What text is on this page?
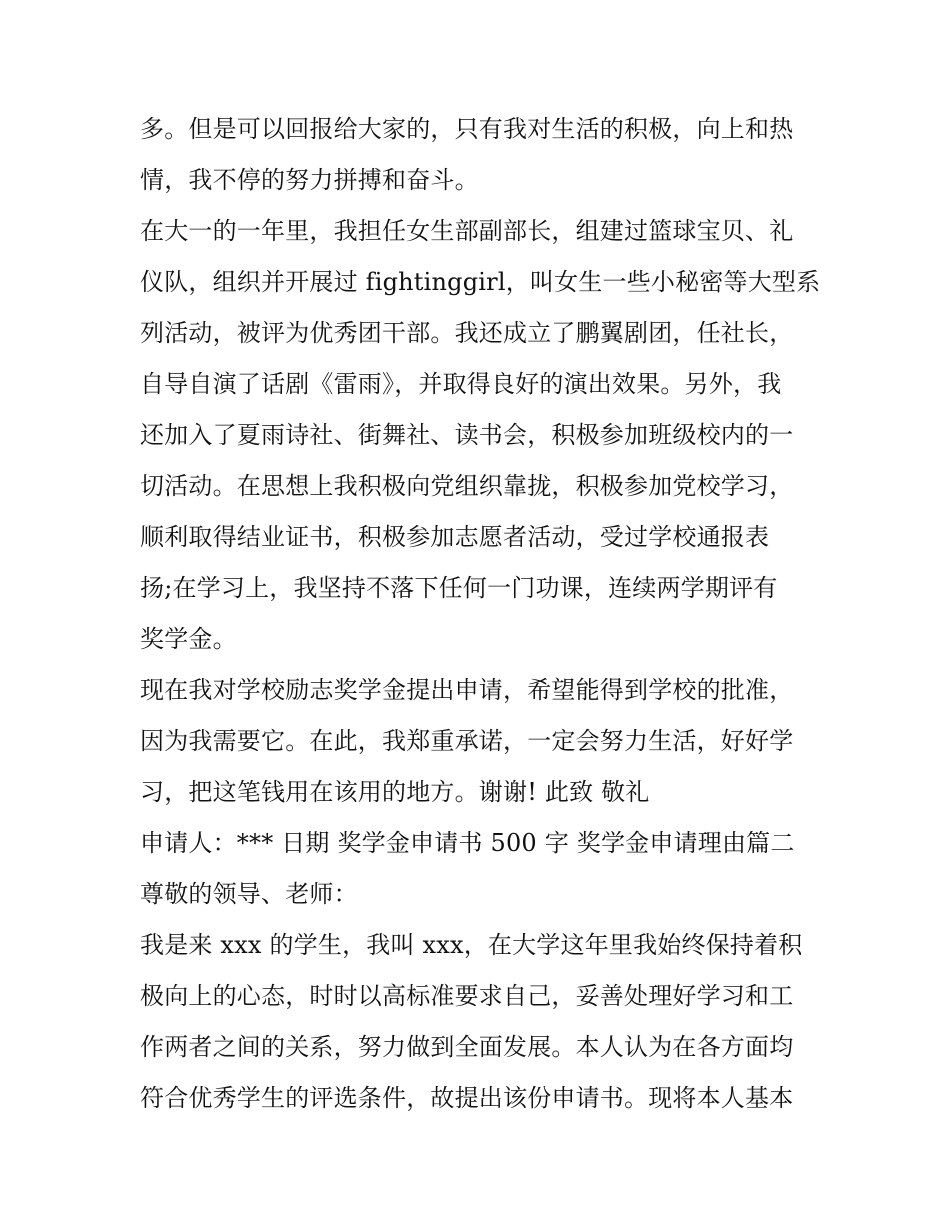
多。但是可以回报给大家的，只有我对生活的积极，向上和热
情，我不停的努力拼搏和奋斗。
在大一的一年里，我担任女生部副部长，组建过篮球宝贝、礼
仪队，组织并开展过 fightinggirl，叫女生一些小秘密等大型系
列活动，被评为优秀团干部。我还成立了鹏翼剧团，任社长，
自导自演了话剧《雷雨》，并取得良好的演出效果。另外，我
还加入了夏雨诗社、街舞社、读书会，积极参加班级校内的一
切活动。在思想上我积极向党组织靠拢，积极参加党校学习，
顺利取得结业证书，积极参加志愿者活动，受过学校通报表
扬;在学习上，我坚持不落下任何一门功课，连续两学期评有
奖学金。
现在我对学校励志奖学金提出申请，希望能得到学校的批准，
因为我需要它。在此，我郑重承诺，一定会努力生活，好好学
习，把这笔钱用在该用的地方。谢谢! 此致 敬礼
申请人：*** 日期 奖学金申请书 500 字 奖学金申请理由篇二
尊敬的领导、老师：
我是来 xxx 的学生，我叫 xxx，在大学这年里我始终保持着积
极向上的心态，时时以高标准要求自己，妥善处理好学习和工
作两者之间的关系，努力做到全面发展。本人认为在各方面均
符合优秀学生的评选条件，故提出该份申请书。现将本人基本
